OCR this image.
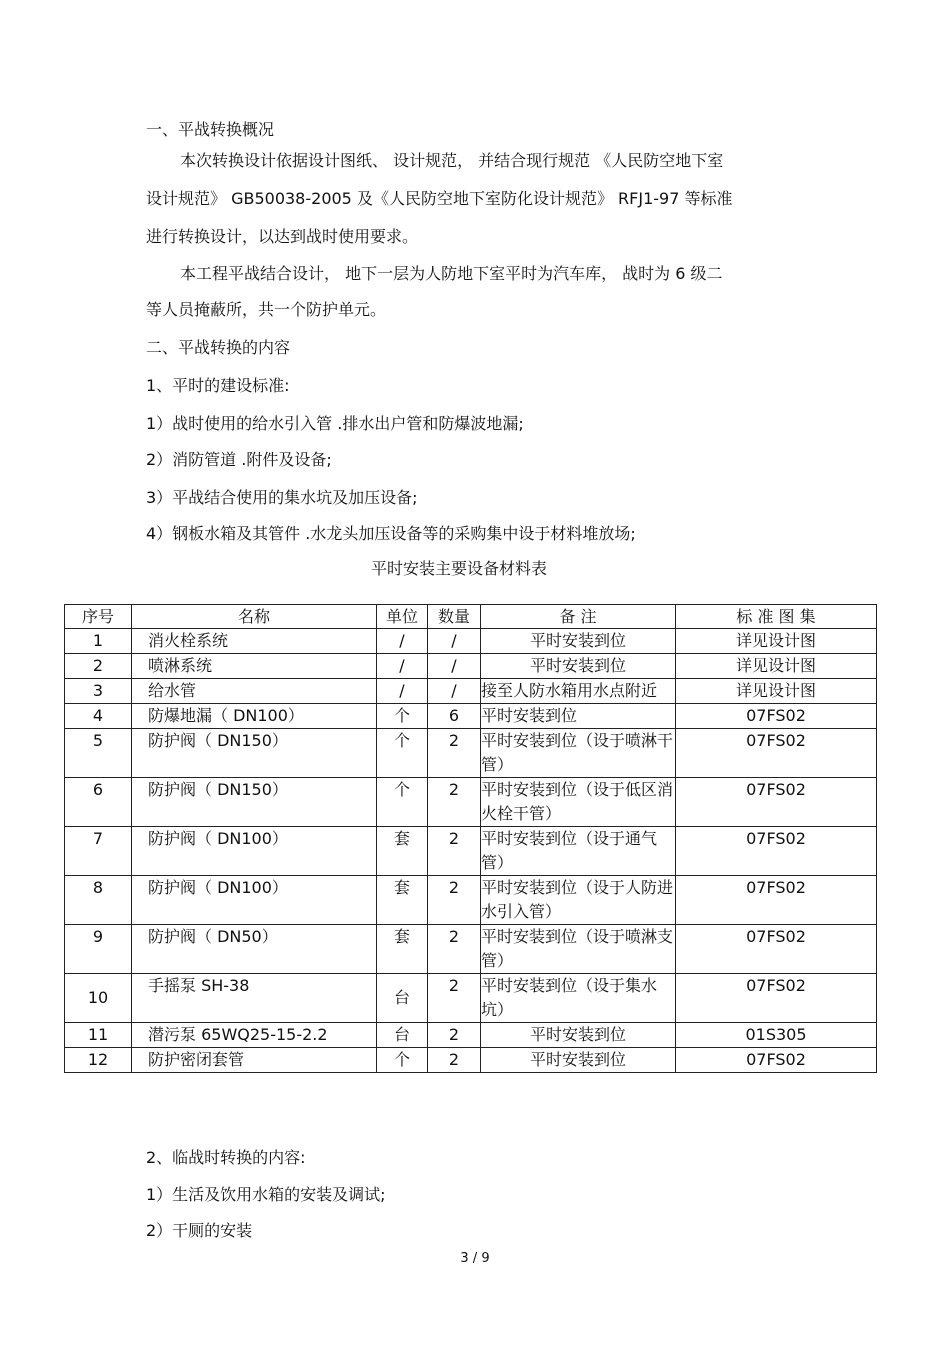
一、平战转换概况
本次转换设计依据设计图纸、 设计规范， 并结合现行规范 《人民防空地下室
设计规范》 GB50038-2005 及《人民防空地下室防化设计规范》 RFJ1-97 等标准
进行转换设计，以达到战时使用要求。
本工程平战结合设计， 地下一层为人防地下室平时为汽车库， 战时为 6 级二
等人员掩蔽所，共一个防护单元。
二、平战转换的内容
1、平时的建设标准:
1）战时使用的给水引入管 .排水出户管和防爆波地漏;
2）消防管道 .附件及设备;
3）平战结合使用的集水坑及加压设备;
4）钢板水箱及其管件 .水龙头加压设备等的采购集中设于材料堆放场;
平时安装主要设备材料表
序号	名称	单位	数量	备 注	标 准 图 集
1	消火栓系统	/	/	平时安装到位	详见设计图
2	喷淋系统	/	/	平时安装到位	详见设计图
3	给水管	/	/	接至人防水箱用水点附近	详见设计图
4	防爆地漏（ DN100）	个	6	平时安装到位	07FS02
5	防护阀（ DN150）	个	2	平时安装到位（设于喷淋干管）	07FS02
6	防护阀（ DN150）	个	2	平时安装到位（设于低区消火栓干管）	07FS02
7	防护阀（ DN100）	套	2	平时安装到位（设于通气管）	07FS02
8	防护阀（ DN100）	套	2	平时安装到位（设于人防进水引入管）	07FS02
9	防护阀（ DN50）	套	2	平时安装到位（设于喷淋支管）	07FS02
10	手摇泵 SH-38	台	2	平时安装到位（设于集水坑）	07FS02
11	潜污泵 65WQ25-15-2.2	台	2	平时安装到位	01S305
12	防护密闭套管	个	2	平时安装到位	07FS02
2、临战时转换的内容:
1）生活及饮用水箱的安装及调试;
2）干厕的安装
3 / 9
